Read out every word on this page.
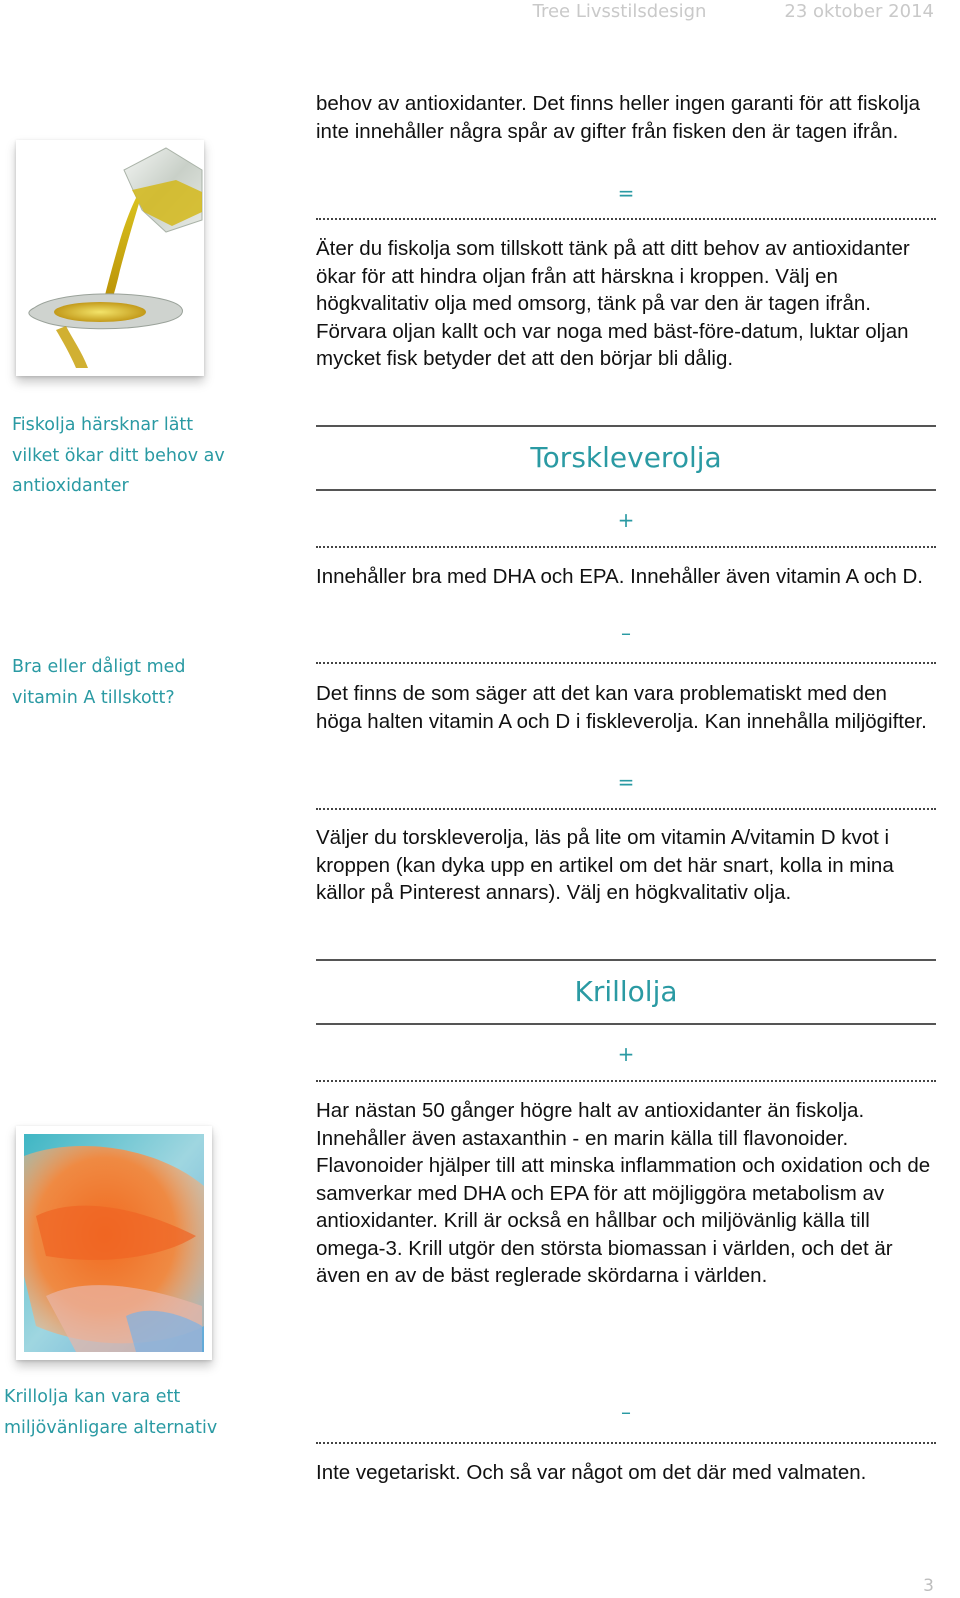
Tree Livsstilsdesign	23 oktober 2014
Fiskolja härsknar lätt vilket ökar ditt behov av antioxidanter
Bra eller dåligt med vitamin A tillskott?
Krillolja kan vara ett miljövänligare alternativ

behov av antioxidanter. Det finns heller ingen garanti för att fiskolja inte innehåller några spår av gifter från fisken den är tagen ifrån.

=

Äter du fiskolja som tillskott tänk på att ditt behov av antioxidanter ökar för att hindra oljan från att härskna i kroppen. Välj en högkvalitativ olja med omsorg, tänk på var den är tagen ifrån. Förvara oljan kallt och var noga med bäst-före-datum, luktar oljan mycket fisk betyder det att den börjar bli dålig.

Torskleverolja
+

Innehåller bra med DHA och EPA. Innehåller även vitamin A och D.

–

Det finns de som säger att det kan vara problematiskt med den höga halten vitamin A och D i fiskleverolja. Kan innehålla miljögifter.

=

Väljer du torskleverolja, läs på lite om vitamin A/vitamin D kvot i kroppen (kan dyka upp en artikel om det här snart, kolla in mina källor på Pinterest annars). Välj en högkvalitativ olja.

Krillolja
+

Har nästan 50 gånger högre halt av antioxidanter än fiskolja. Innehåller även astaxanthin - en marin källa till flavonoider. Flavonoider hjälper till att minska inflammation och oxidation och de samverkar med DHA och EPA för att möjliggöra metabolism av antioxidanter. Krill är också en hållbar och miljövänlig källa till omega-3. Krill utgör den största biomassan i världen, och det är även en av de bäst reglerade skördarna i världen.

–

Inte vegetariskt. Och så var något om det där med valmaten.

3
